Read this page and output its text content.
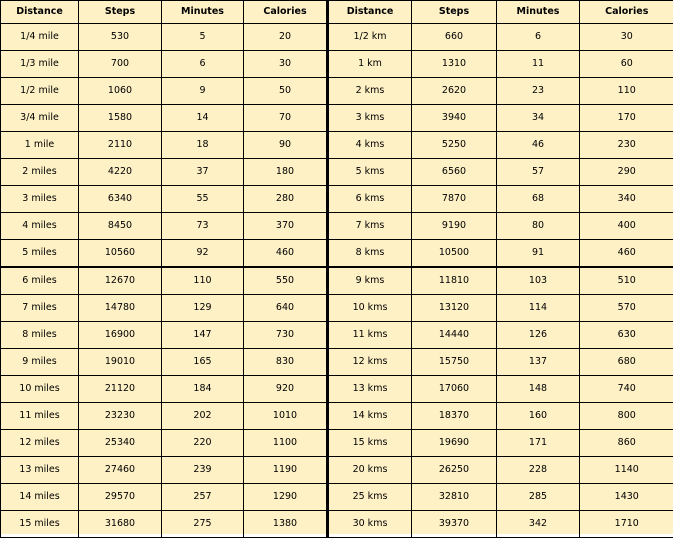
Distance	Steps	Minutes	Calories	Distance	Steps	Minutes	Calories
1/4 mile	530	5	20	1/2 km	660	6	30
1/3 mile	700	6	30	1 km	1310	11	60
1/2 mile	1060	9	50	2 kms	2620	23	110
3/4 mile	1580	14	70	3 kms	3940	34	170
1 mile	2110	18	90	4 kms	5250	46	230
2 miles	4220	37	180	5 kms	6560	57	290
3 miles	6340	55	280	6 kms	7870	68	340
4 miles	8450	73	370	7 kms	9190	80	400
5 miles	10560	92	460	8 kms	10500	91	460
6 miles	12670	110	550	9 kms	11810	103	510
7 miles	14780	129	640	10 kms	13120	114	570
8 miles	16900	147	730	11 kms	14440	126	630
9 miles	19010	165	830	12 kms	15750	137	680
10 miles	21120	184	920	13 kms	17060	148	740
11 miles	23230	202	1010	14 kms	18370	160	800
12 miles	25340	220	1100	15 kms	19690	171	860
13 miles	27460	239	1190	20 kms	26250	228	1140
14 miles	29570	257	1290	25 kms	32810	285	1430
15 miles	31680	275	1380	30 kms	39370	342	1710
